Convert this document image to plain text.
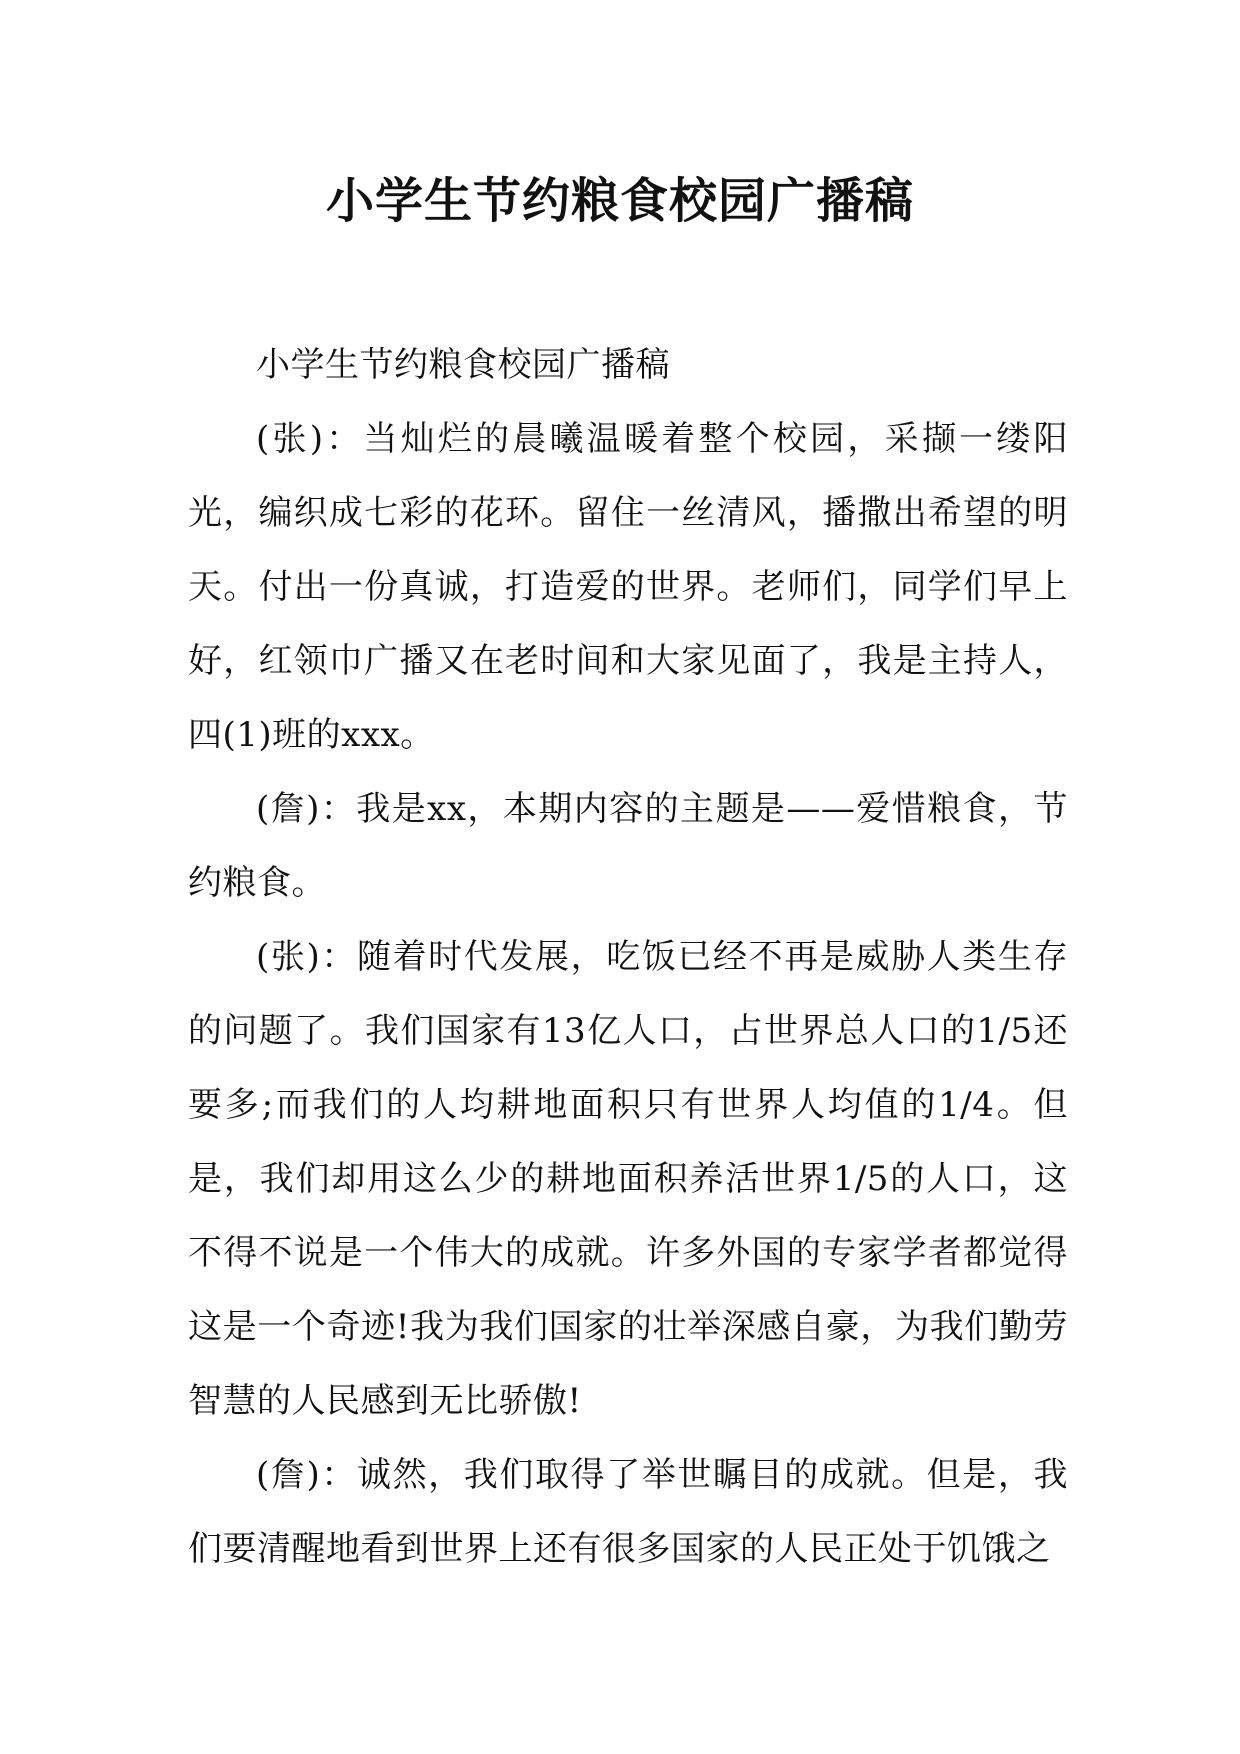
小学生节约粮食校园广播稿

小学生节约粮食校园广播稿

(张)：当灿烂的晨曦温暖着整个校园，采撷一缕阳光，编织成七彩的花环。留住一丝清风，播撒出希望的明天。付出一份真诚，打造爱的世界。老师们，同学们早上好，红领巾广播又在老时间和大家见面了，我是主持人，四(1)班的xxx。

(詹)：我是xx，本期内容的主题是——爱惜粮食，节约粮食。

(张)：随着时代发展，吃饭已经不再是威胁人类生存的问题了。我们国家有13亿人口，占世界总人口的1/5还要多;而我们的人均耕地面积只有世界人均值的1/4。但是，我们却用这么少的耕地面积养活世界1/5的人口，这不得不说是一个伟大的成就。许多外国的专家学者都觉得这是一个奇迹!我为我们国家的壮举深感自豪，为我们勤劳智慧的人民感到无比骄傲!

(詹)：诚然，我们取得了举世瞩目的成就。但是，我们要清醒地看到世界上还有很多国家的人民正处于饥饿之
